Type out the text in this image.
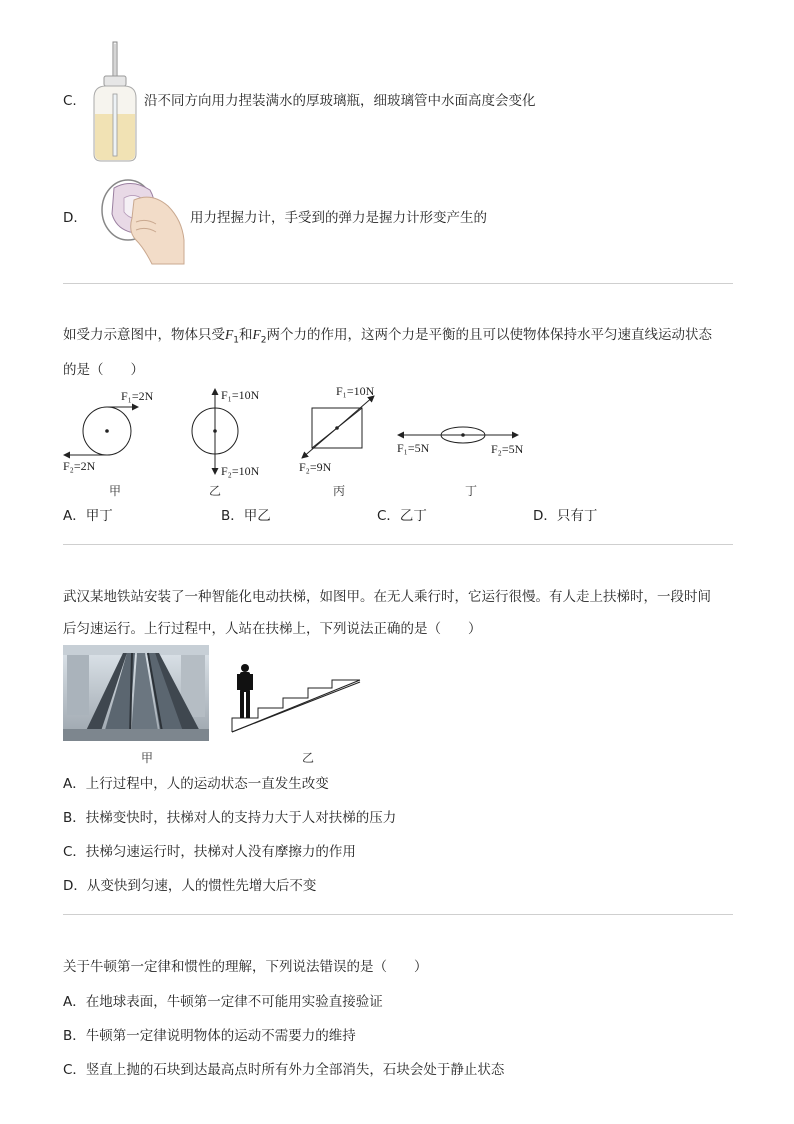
C.	沿不同方向用力捏装满水的厚玻璃瓶，细玻璃管中水面高度会变化
D.	用力捏握力计，手受到的弹力是握力计形变产生的
如受力示意图中，物体只受$F_1$和$F_2$两个力的作用，这两个力是平衡的且可以使物体保持水平匀速直线运动状态
的是（　　）
F₁=2N
F₂=2N
甲
F₁=10N
F₂=10N
乙
F₁=10N
F₂=9N
丙
F₁=5N	F₂=5N
丁
A．甲丁	B．甲乙	C．乙丁	D．只有丁
武汉某地铁站安装了一种智能化电动扶梯，如图甲。在无人乘行时，它运行很慢。有人走上扶梯时，一段时间
后匀速运行。上行过程中，人站在扶梯上，下列说法正确的是（　　）
甲	乙
A．上行过程中，人的运动状态一直发生改变
B．扶梯变快时，扶梯对人的支持力大于人对扶梯的压力
C．扶梯匀速运行时，扶梯对人没有摩擦力的作用
D．从变快到匀速，人的惯性先增大后不变
关于牛顿第一定律和惯性的理解，下列说法错误的是（　　）
A．在地球表面，牛顿第一定律不可能用实验直接验证
B．牛顿第一定律说明物体的运动不需要力的维持
C．竖直上抛的石块到达最高点时所有外力全部消失，石块会处于静止状态
